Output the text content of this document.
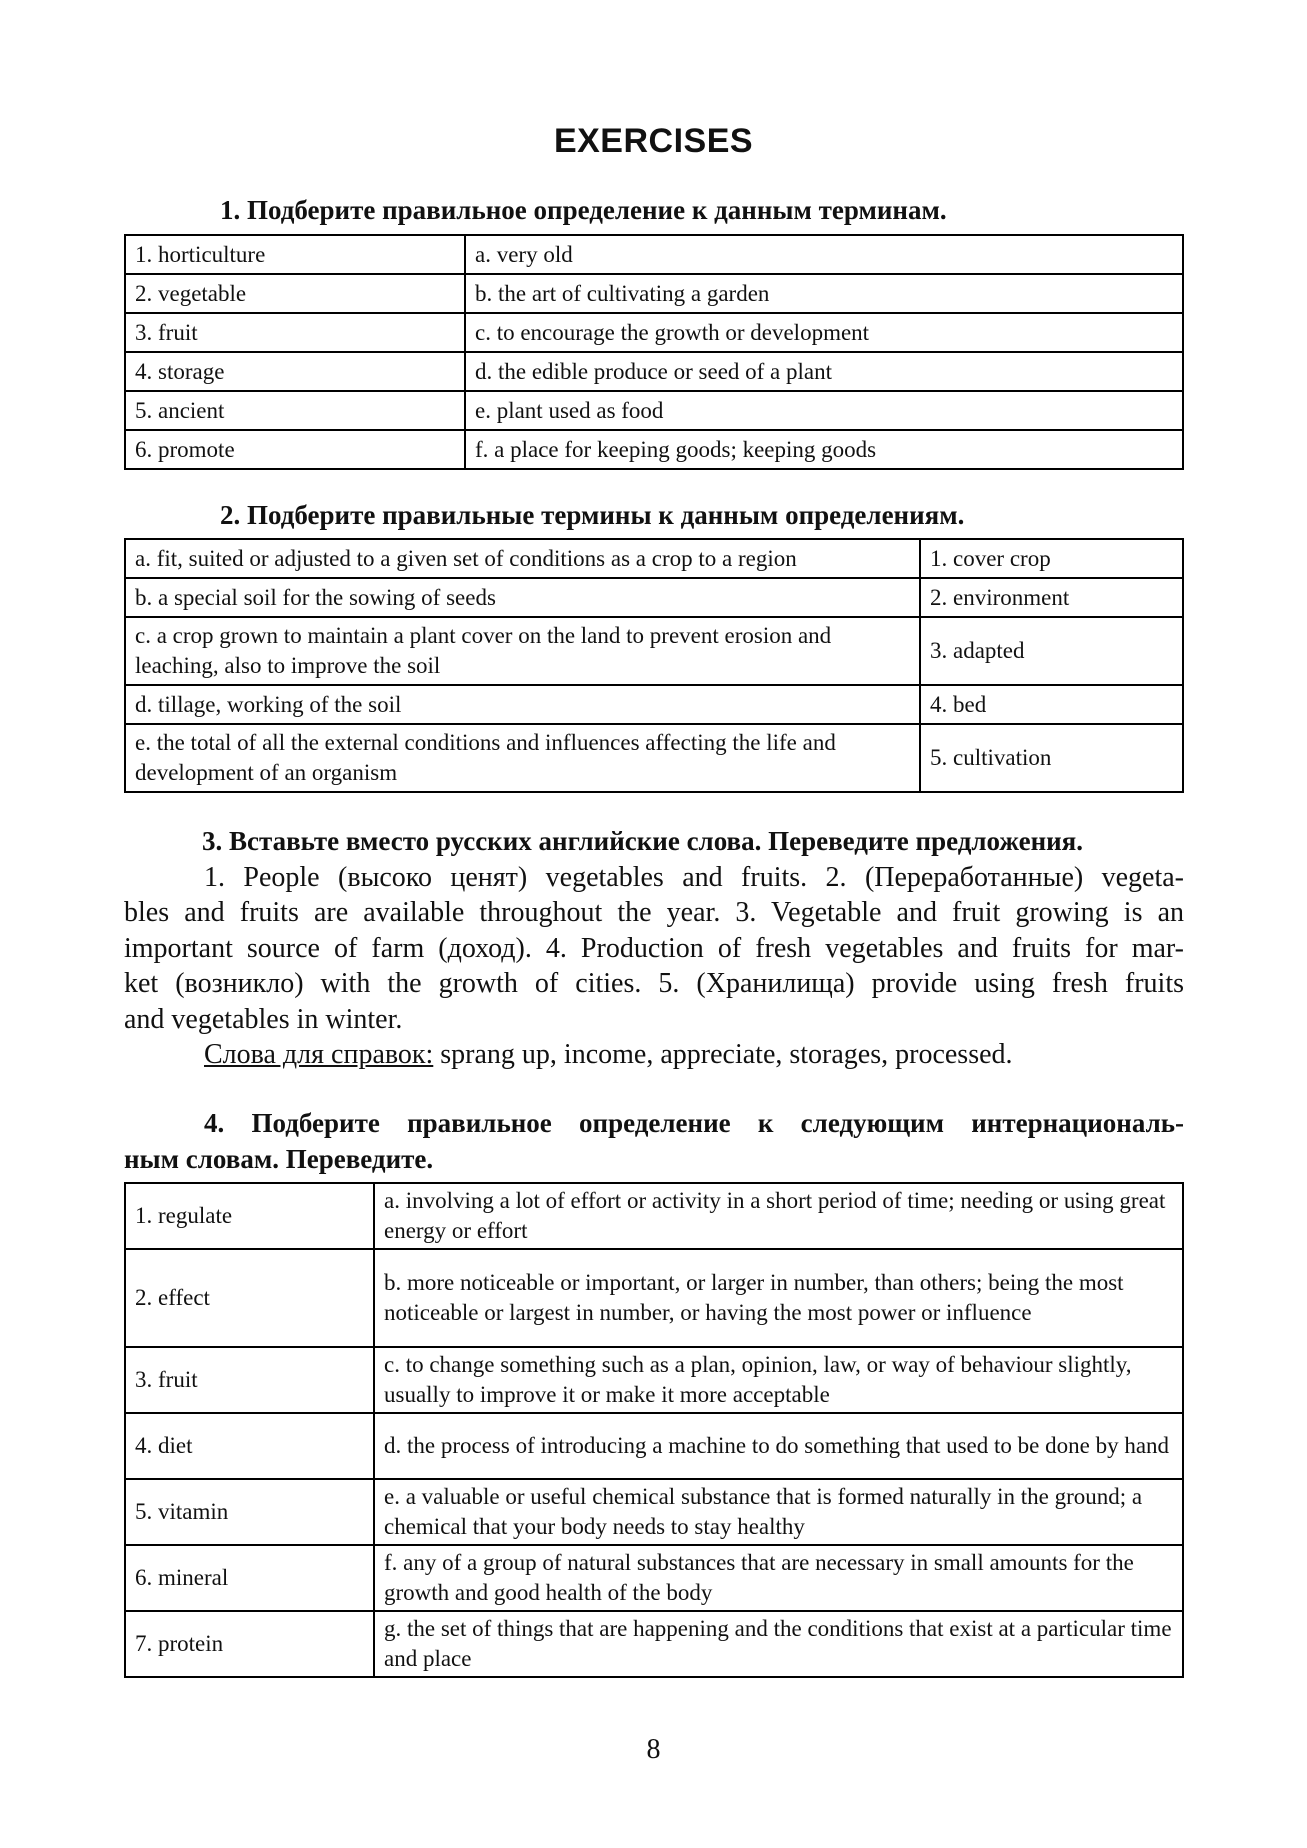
EXERCISES
1. Подберите правильное определение к данным терминам.
1. horticulture	a. very old
2. vegetable	b. the art of cultivating a garden
3. fruit	c. to encourage the growth or development
4. storage	d. the edible produce or seed of a plant
5. ancient	e. plant used as food
6. promote	f. a place for keeping goods; keeping goods
2. Подберите правильные термины к данным определениям.
a. fit, suited or adjusted to a given set of conditions as a crop to a region	1. cover crop
b. a special soil for the sowing of seeds	2. environment
c. a crop grown to maintain a plant cover on the land to prevent erosion and leaching, also to improve the soil	3. adapted
d. tillage, working of the soil	4. bed
e. the total of all the external conditions and influences affecting the life and development of an organism	5. cultivation
3. Вставьте вместо русских английские слова. Переведите предложения.
1. People (высоко ценят) vegetables and fruits. 2. (Переработанные) vegeta-
bles and fruits are available throughout the year. 3. Vegetable and fruit growing is an
important source of farm (доход). 4. Production of fresh vegetables and fruits for mar-
ket (возникло) with the growth of cities. 5. (Хранилища) provide using fresh fruits
and vegetables in winter.
Слова для справок: sprang up, income, appreciate, storages, processed.
4. Подберите правильное определение к следующим интернациональ-
ным словам. Переведите.
1. regulate	a. involving a lot of effort or activity in a short period of time; needing or using great energy or effort
2. effect	b. more noticeable or important, or larger in number, than others; being the most noticeable or largest in number, or having the most power or influence
3. fruit	c. to change something such as a plan, opinion, law, or way of behaviour slightly, usually to improve it or make it more acceptable
4. diet	d. the process of introducing a machine to do something that used to be done by hand
5. vitamin	e. a valuable or useful chemical substance that is formed naturally in the ground; a chemical that your body needs to stay healthy
6. mineral	f. any of a group of natural substances that are necessary in small amounts for the growth and good health of the body
7. protein	g. the set of things that are happening and the conditions that exist at a particular time and place
8
